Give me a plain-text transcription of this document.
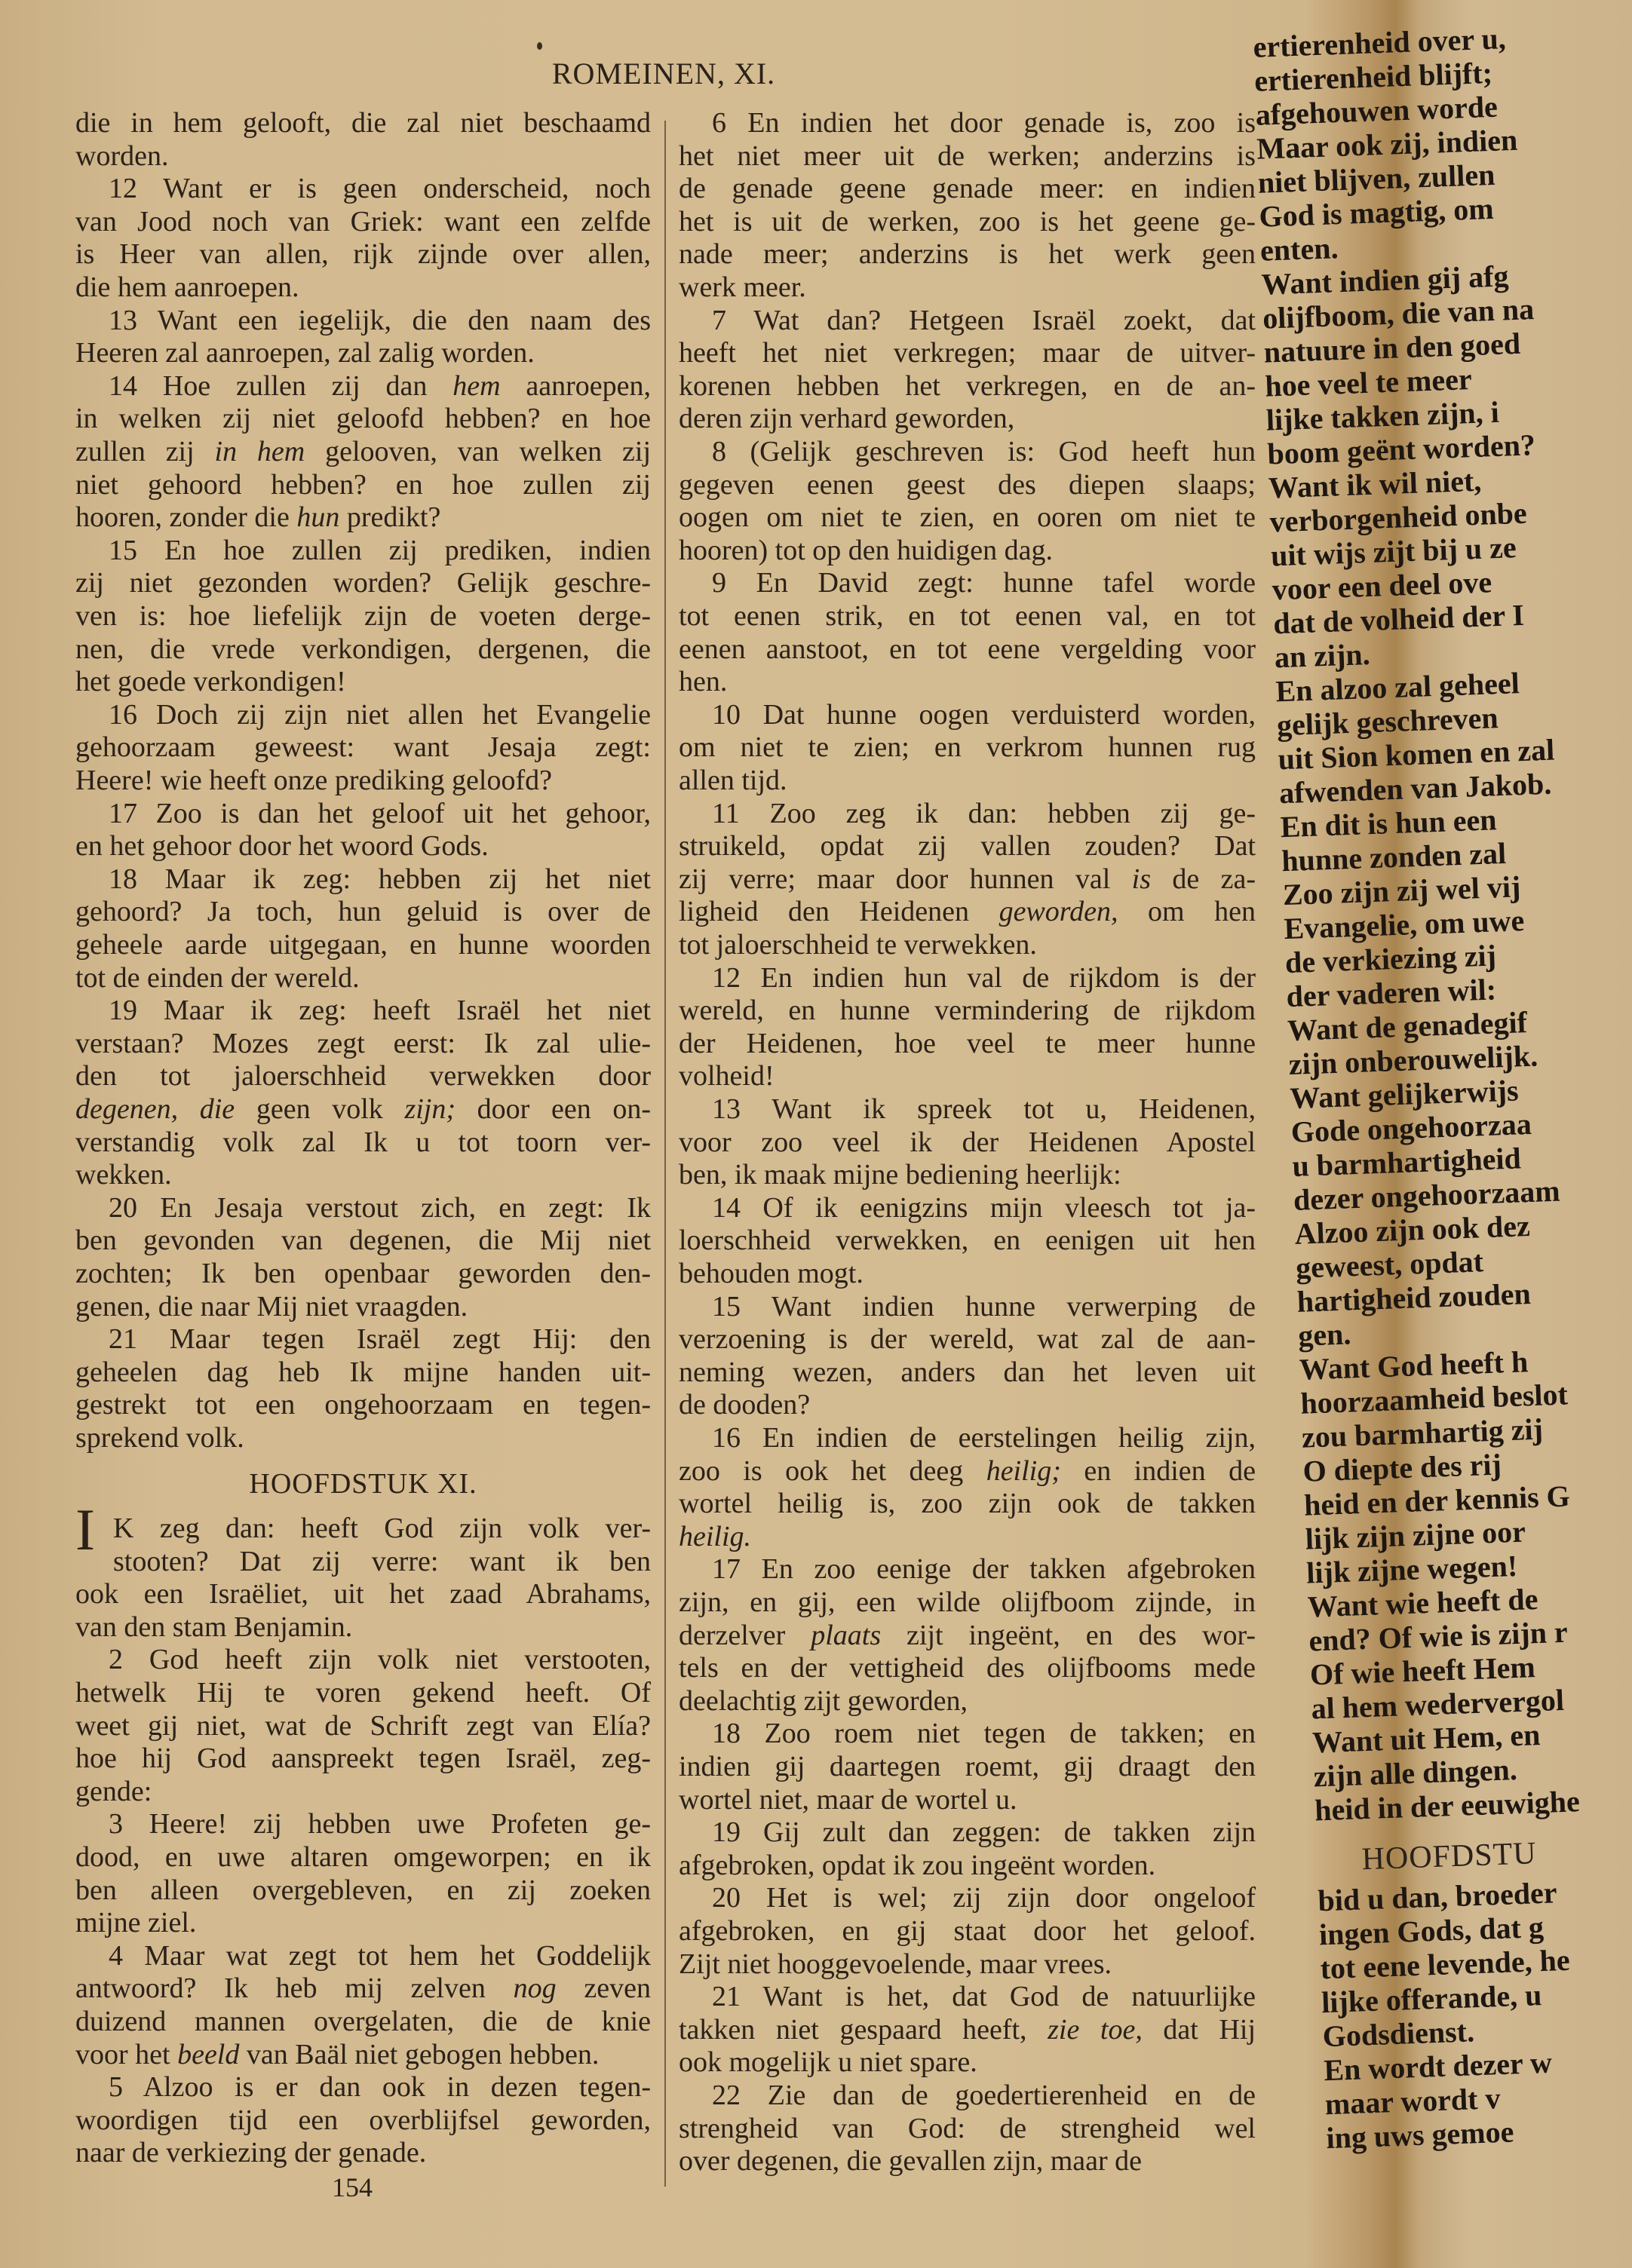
ROMEINEN, XI.
die in hem gelooft, die zal niet beschaamd
worden.
12 Want er is geen onderscheid, noch
van Jood noch van Griek: want een zelfde
is Heer van allen, rijk zijnde over allen,
die hem aanroepen.
13 Want een iegelijk, die den naam des
Heeren zal aanroepen, zal zalig worden.
14 Hoe zullen zij dan hem aanroepen,
in welken zij niet geloofd hebben? en hoe
zullen zij in hem gelooven, van welken zij
niet gehoord hebben? en hoe zullen zij
hooren, zonder die hun predikt?
15 En hoe zullen zij prediken, indien
zij niet gezonden worden? Gelijk geschre-
ven is: hoe liefelijk zijn de voeten derge-
nen, die vrede verkondigen, dergenen, die
het goede verkondigen!
16 Doch zij zijn niet allen het Evangelie
gehoorzaam geweest: want Jesaja zegt:
Heere! wie heeft onze prediking geloofd?
17 Zoo is dan het geloof uit het gehoor,
en het gehoor door het woord Gods.
18 Maar ik zeg: hebben zij het niet
gehoord? Ja toch, hun geluid is over de
geheele aarde uitgegaan, en hunne woorden
tot de einden der wereld.
19 Maar ik zeg: heeft Israël het niet
verstaan? Mozes zegt eerst: Ik zal ulie-
den tot jaloerschheid verwekken door
degenen, die geen volk zijn; door een on-
verstandig volk zal Ik u tot toorn ver-
wekken.
20 En Jesaja verstout zich, en zegt: Ik
ben gevonden van degenen, die Mij niet
zochten; Ik ben openbaar geworden den-
genen, die naar Mij niet vraagden.
21 Maar tegen Israël zegt Hij: den
geheelen dag heb Ik mijne handen uit-
gestrekt tot een ongehoorzaam en tegen-
sprekend volk.
K zeg dan: heeft God zijn volk ver-
stooten? Dat zij verre: want ik ben
ook een Israëliet, uit het zaad Abrahams,
van den stam Benjamin.
2 God heeft zijn volk niet verstooten,
hetwelk Hij te voren gekend heeft. Of
weet gij niet, wat de Schrift zegt van Elía?
hoe hij God aanspreekt tegen Israël, zeg-
gende:
3 Heere! zij hebben uwe Profeten ge-
dood, en uwe altaren omgeworpen; en ik
ben alleen overgebleven, en zij zoeken
mijne ziel.
4 Maar wat zegt tot hem het Goddelijk
antwoord? Ik heb mij zelven nog zeven
duizend mannen overgelaten, die de knie
voor het beeld van Baäl niet gebogen hebben.
5 Alzoo is er dan ook in dezen tegen-
woordigen tijd een overblijfsel geworden,
naar de verkiezing der genade.
6 En indien het door genade is, zoo is
het niet meer uit de werken; anderzins is
de genade geene genade meer: en indien
het is uit de werken, zoo is het geene ge-
nade meer; anderzins is het werk geen
werk meer.
7 Wat dan? Hetgeen Israël zoekt, dat
heeft het niet verkregen; maar de uitver-
korenen hebben het verkregen, en de an-
deren zijn verhard geworden,
8 (Gelijk geschreven is: God heeft hun
gegeven eenen geest des diepen slaaps;
oogen om niet te zien, en ooren om niet te
hooren) tot op den huidigen dag.
9 En David zegt: hunne tafel worde
tot eenen strik, en tot eenen val, en tot
eenen aanstoot, en tot eene vergelding voor
hen.
10 Dat hunne oogen verduisterd worden,
om niet te zien; en verkrom hunnen rug
allen tijd.
11 Zoo zeg ik dan: hebben zij ge-
struikeld, opdat zij vallen zouden? Dat
zij verre; maar door hunnen val is de za-
ligheid den Heidenen geworden, om hen
tot jaloerschheid te verwekken.
12 En indien hun val de rijkdom is der
wereld, en hunne vermindering de rijkdom
der Heidenen, hoe veel te meer hunne
volheid!
13 Want ik spreek tot u, Heidenen,
voor zoo veel ik der Heidenen Apostel
ben, ik maak mijne bediening heerlijk:
14 Of ik eenigzins mijn vleesch tot ja-
loerschheid verwekken, en eenigen uit hen
behouden mogt.
15 Want indien hunne verwerping de
verzoening is der wereld, wat zal de aan-
neming wezen, anders dan het leven uit
de dooden?
16 En indien de eerstelingen heilig zijn,
zoo is ook het deeg heilig; en indien de
wortel heilig is, zoo zijn ook de takken
heilig.
17 En zoo eenige der takken afgebroken
zijn, en gij, een wilde olijfboom zijnde, in
derzelver plaats zijt ingeënt, en des wor-
tels en der vettigheid des olijfbooms mede
deelachtig zijt geworden,
18 Zoo roem niet tegen de takken; en
indien gij daartegen roemt, gij draagt den
wortel niet, maar de wortel u.
19 Gij zult dan zeggen: de takken zijn
afgebroken, opdat ik zou ingeënt worden.
20 Het is wel; zij zijn door ongeloof
afgebroken, en gij staat door het geloof.
Zijt niet hooggevoelende, maar vrees.
21 Want is het, dat God de natuurlijke
takken niet gespaard heeft, zie toe, dat Hij
ook mogelijk u niet spare.
22 Zie dan de goedertierenheid en de
strengheid van God: de strengheid wel
over degenen, die gevallen zijn, maar de
HOOFDSTUK XI.
I
154
ertierenheid over u,
ertierenheid blijft;
afgehouwen worde
Maar ook zij, indien
niet blijven, zullen
God is magtig, om
enten.
Want indien gij afg
olijfboom, die van na
natuure in den goed
hoe veel te meer
lijke takken zijn, i
boom geënt worden?
Want ik wil niet,
verborgenheid onbe
uit wijs zijt bij u ze
voor een deel ove
dat de volheid der I
an zijn.
En alzoo zal geheel
gelijk geschreven
uit Sion komen en zal
afwenden van Jakob.
En dit is hun een
hunne zonden zal
Zoo zijn zij wel vij
Evangelie, om uwe
de verkiezing zij
der vaderen wil:
Want de genadegif
zijn onberouwelijk.
Want gelijkerwijs
Gode ongehoorzaa
u barmhartigheid
dezer ongehoorzaam
Alzoo zijn ook dez
geweest, opdat
hartigheid zouden
gen.
Want God heeft h
hoorzaamheid beslot
zou barmhartig zij
O diepte des rij
heid en der kennis G
lijk zijn zijne oor
lijk zijne wegen!
Want wie heeft de
end? Of wie is zijn r
Of wie heeft Hem
al hem wedervergol
Want uit Hem, en
zijn alle dingen.
heid in der eeuwighe
HOOFDSTU
bid u dan, broeder
ingen Gods, dat g
tot eene levende, he
lijke offerande, u
Godsdienst.
En wordt dezer w
maar wordt v
ing uws gemoe
